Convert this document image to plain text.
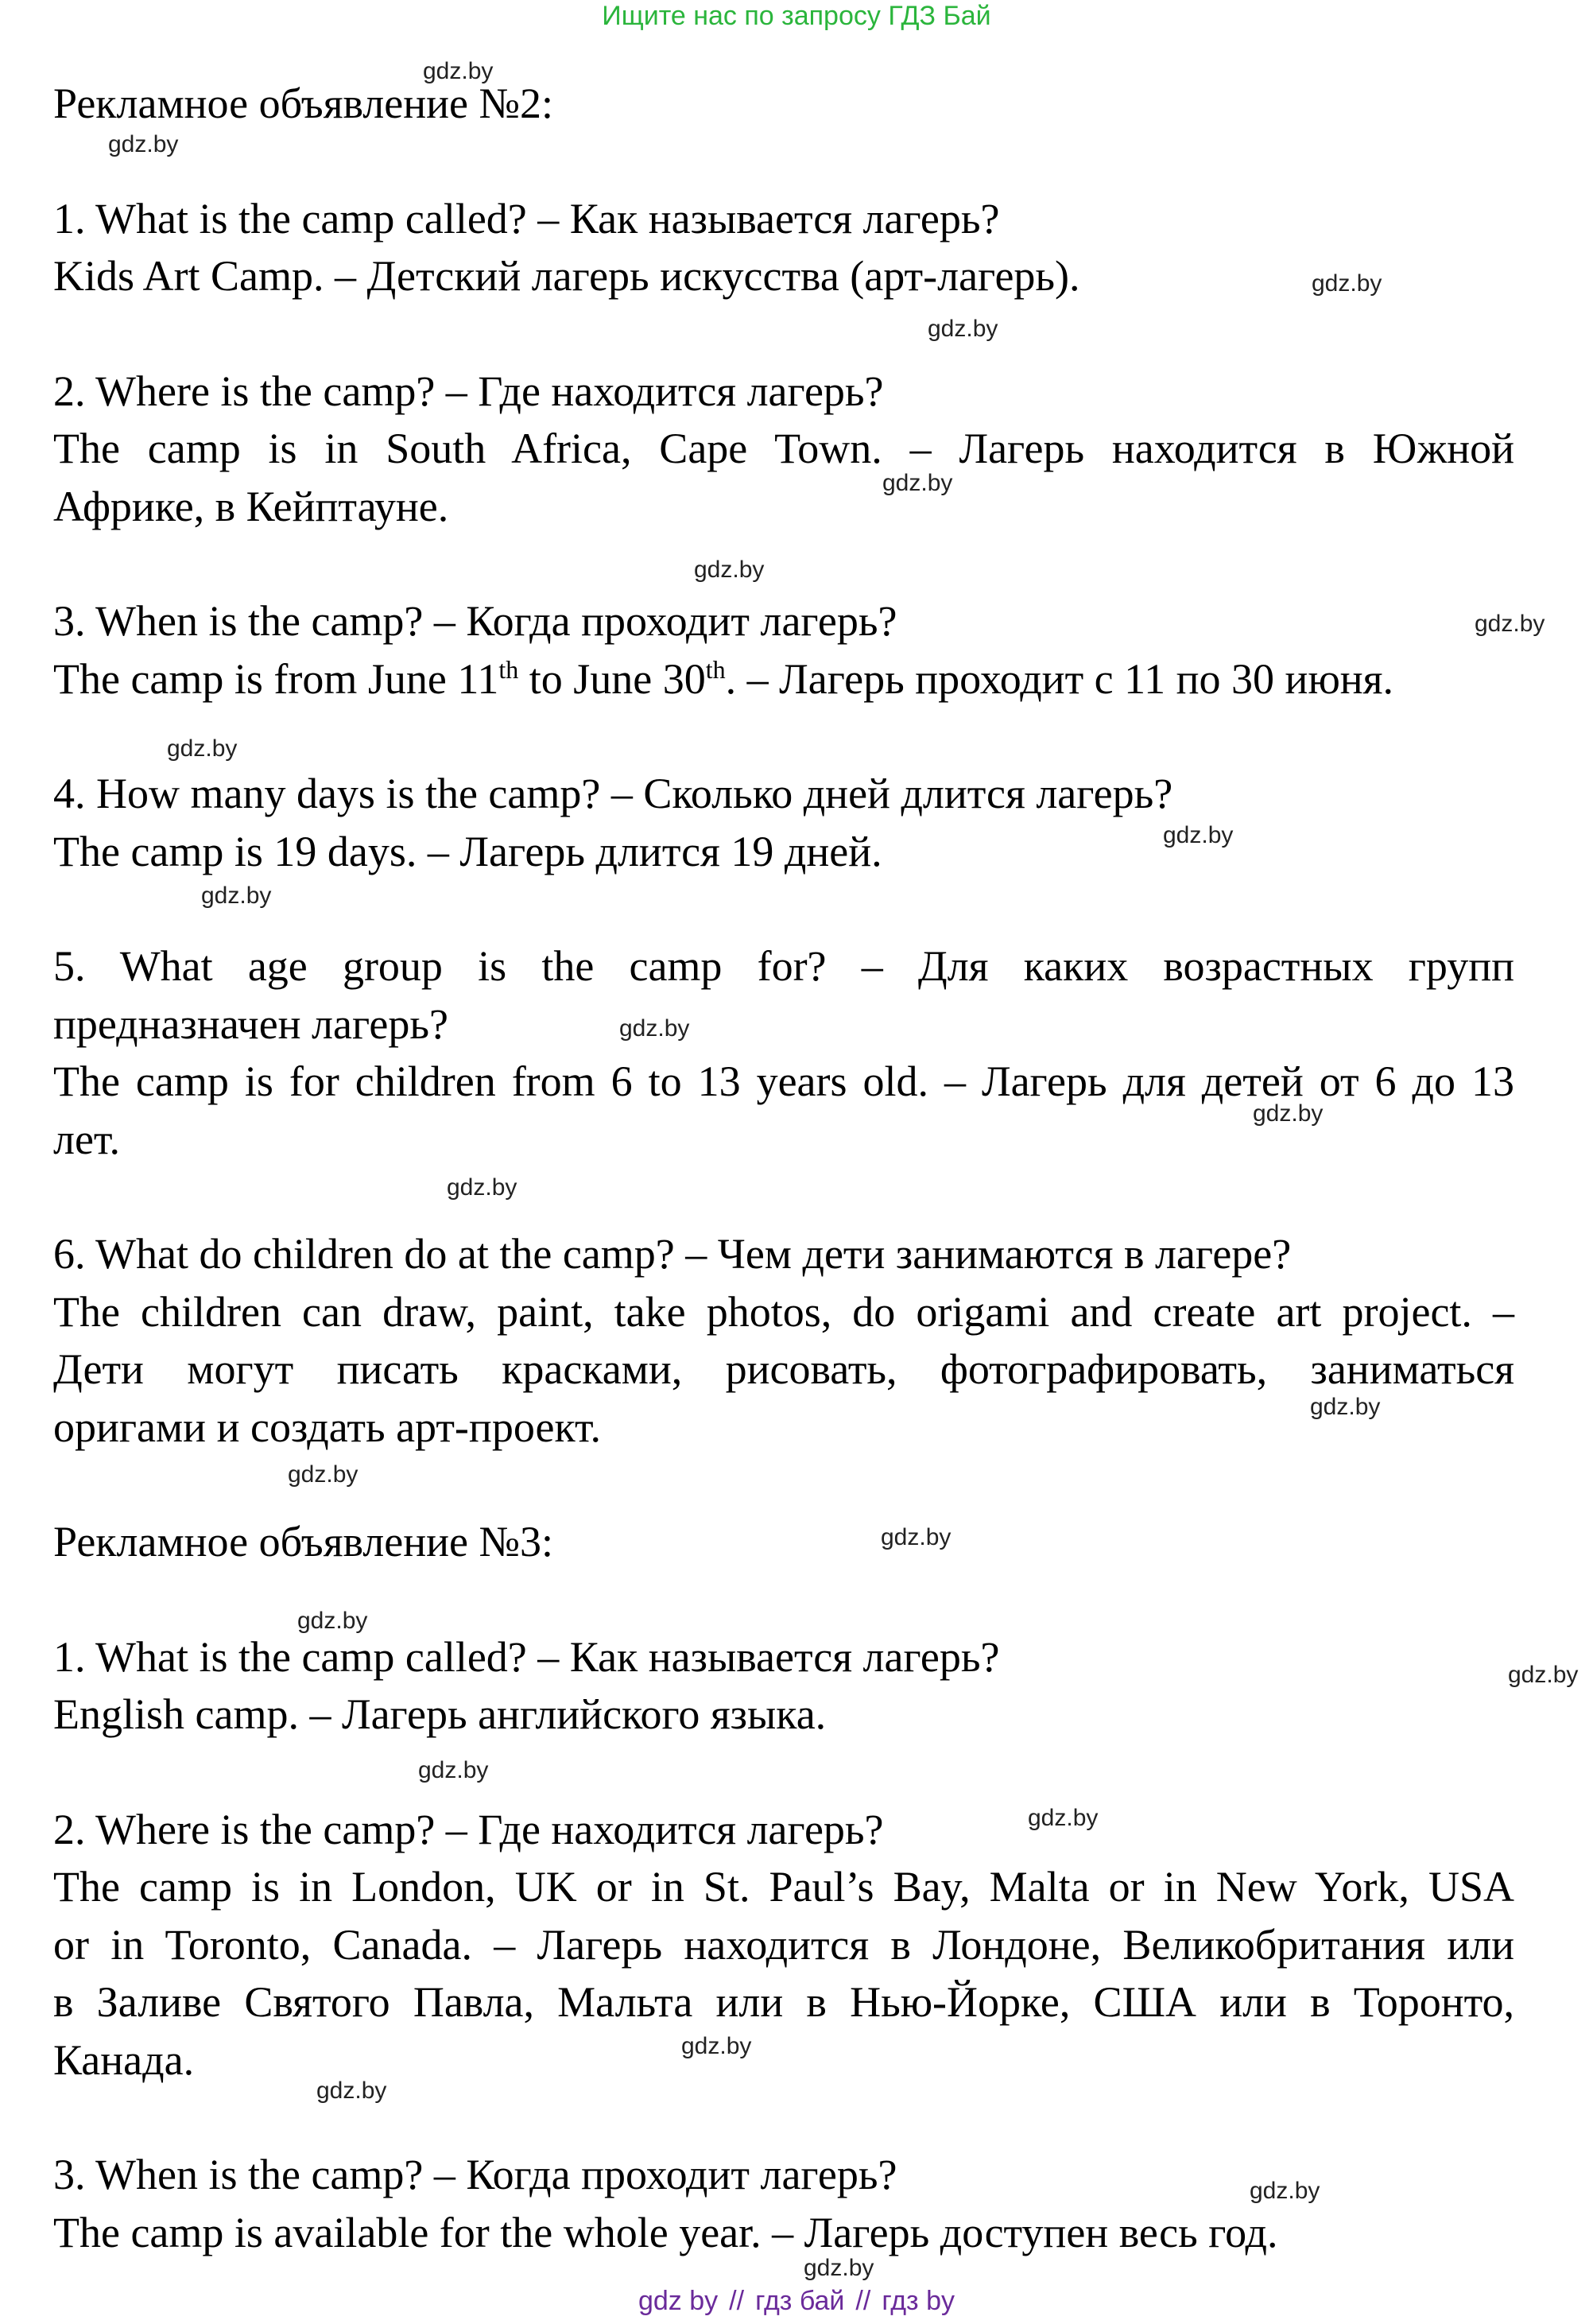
Ищите нас по запросу ГДЗ Бай

Рекламное объявление №2:

1. What is the camp called? – Как называется лагерь?

Kids Art Camp. – Детский лагерь искусства (арт-лагерь).

2. Where is the camp? – Где находится лагерь?

The camp is in South Africa, Cape Town. – Лагерь находится в Южной

Африке, в Кейптауне.

3. When is the camp? – Когда проходит лагерь?

The camp is from June 11th to June 30th. – Лагерь проходит с 11 по 30 июня.

4. How many days is the camp? – Сколько дней длится лагерь?

The camp is 19 days. – Лагерь длится 19 дней.

5. What age group is the camp for? – Для каких возрастных групп

предназначен лагерь?

The camp is for children from 6 to 13 years old. – Лагерь для детей от 6 до 13

лет.

6. What do children do at the camp? – Чем дети занимаются в лагере?

The children can draw, paint, take photos, do origami and create art project. –

Дети могут писать красками, рисовать, фотографировать, заниматься

оригами и создать арт-проект.

Рекламное объявление №3:

1. What is the camp called? – Как называется лагерь?

English camp. – Лагерь английского языка.

2. Where is the camp? – Где находится лагерь?

The camp is in London, UK or in St. Paul’s Bay, Malta or in New York, USA

or in Toronto, Canada. – Лагерь находится в Лондоне, Великобритания или

в Заливе Святого Павла, Мальта или в Нью-Йорке, США или в Торонто,

Канада.

3. When is the camp? – Когда проходит лагерь?

The camp is available for the whole year. – Лагерь доступен весь год.

gdz.by
gdz.by
gdz.by
gdz.by
gdz.by
gdz.by
gdz.by
gdz.by
gdz.by
gdz.by
gdz.by
gdz.by
gdz.by
gdz.by
gdz.by
gdz.by
gdz.by
gdz.by
gdz.by
gdz.by
gdz.by
gdz.by
gdz.by
gdz.by
gdz by // гдз бай // гдз by
